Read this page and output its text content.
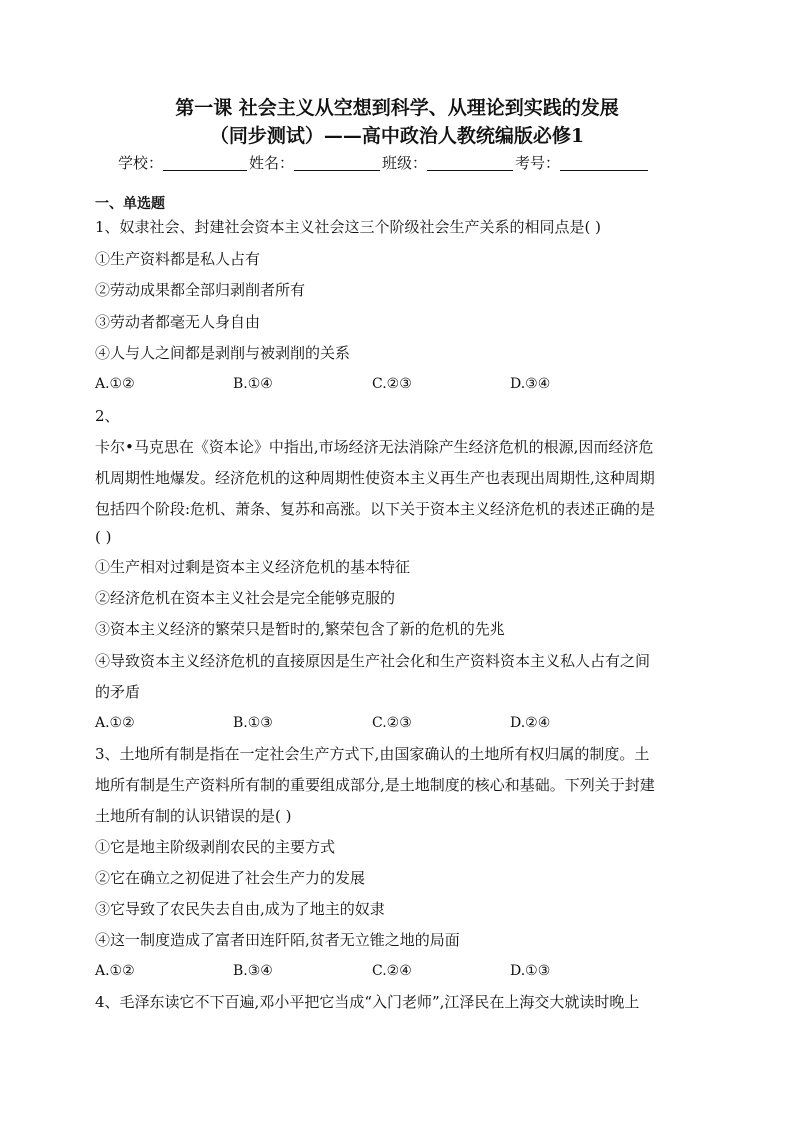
第一课 社会主义从空想到科学、从理论到实践的发展
（同步测试）——高中政治人教统编版必修1
学校：	姓名：	班级：	考号：
一、单选题
1、奴隶社会、封建社会资本主义社会这三个阶级社会生产关系的相同点是( )
①生产资料都是私人占有
②劳动成果都全部归剥削者所有
③劳动者都毫无人身自由
④人与人之间都是剥削与被剥削的关系
A.①②	B.①④	C.②③	D.③④
2、
卡尔•马克思在《资本论》中指出,市场经济无法消除产生经济危机的根源,因而经济危
机周期性地爆发。经济危机的这种周期性使资本主义再生产也表现出周期性,这种周期
包括四个阶段:危机、萧条、复苏和高涨。以下关于资本主义经济危机的表述正确的是
( )
①生产相对过剩是资本主义经济危机的基本特征
②经济危机在资本主义社会是完全能够克服的
③资本主义经济的繁荣只是暂时的,繁荣包含了新的危机的先兆
④导致资本主义经济危机的直接原因是生产社会化和生产资料资本主义私人占有之间
的矛盾
A.①②	B.①③	C.②③	D.②④
3、土地所有制是指在一定社会生产方式下,由国家确认的土地所有权归属的制度。土
地所有制是生产资料所有制的重要组成部分,是土地制度的核心和基础。下列关于封建
土地所有制的认识错误的是( )
①它是地主阶级剥削农民的主要方式
②它在确立之初促进了社会生产力的发展
③它导致了农民失去自由,成为了地主的奴隶
④这一制度造成了富者田连阡陌,贫者无立锥之地的局面
A.①②	B.③④	C.②④	D.①③
4、毛泽东读它不下百遍,邓小平把它当成“入门老师”,江泽民在上海交大就读时晚上
